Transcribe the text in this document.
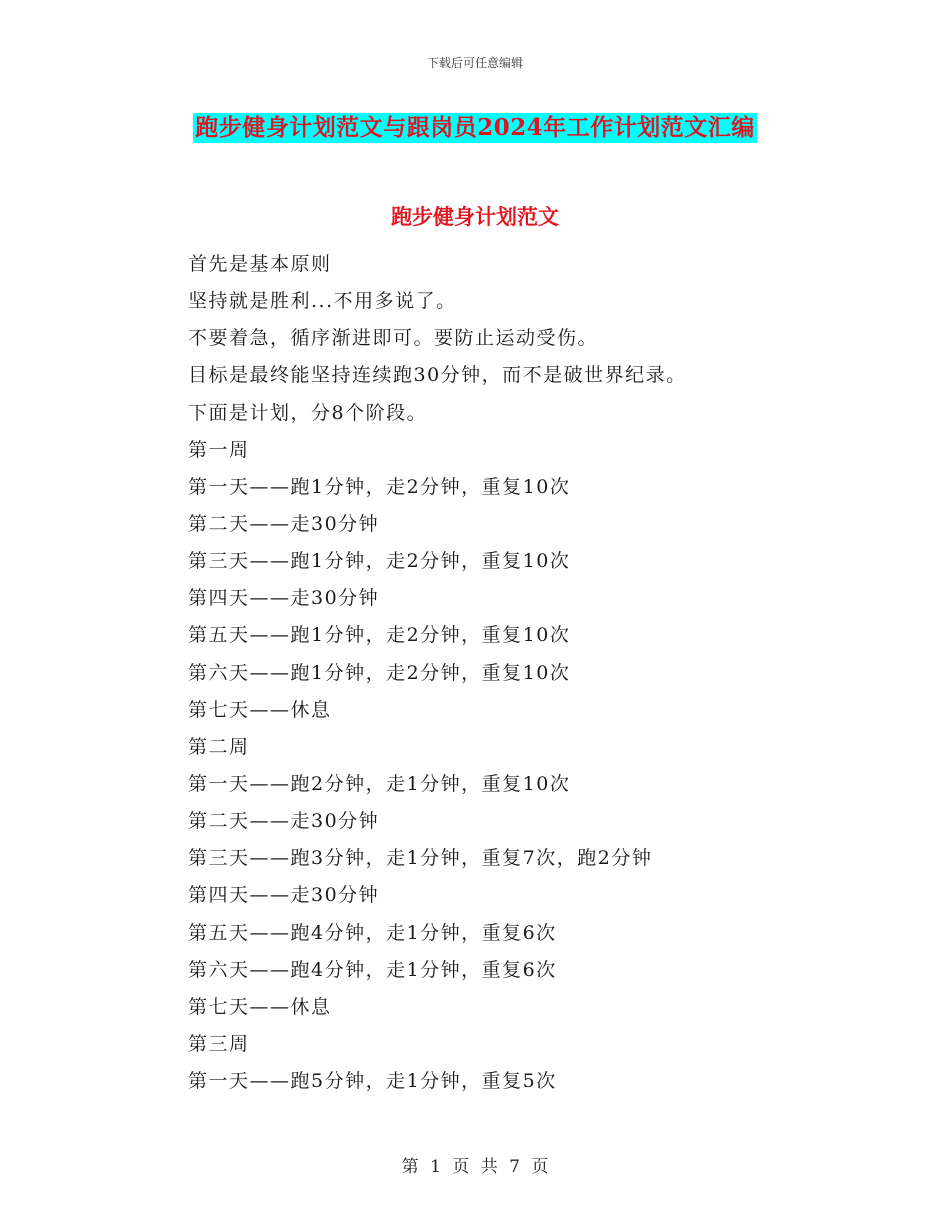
下载后可任意编辑
跑步健身计划范文与跟岗员2024年工作计划范文汇编
跑步健身计划范文
首先是基本原则
坚持就是胜利...不用多说了。
不要着急，循序渐进即可。要防止运动受伤。
目标是最终能坚持连续跑30分钟，而不是破世界纪录。
下面是计划，分8个阶段。
第一周
第一天——跑1分钟，走2分钟，重复10次
第二天——走30分钟
第三天——跑1分钟，走2分钟，重复10次
第四天——走30分钟
第五天——跑1分钟，走2分钟，重复10次
第六天——跑1分钟，走2分钟，重复10次
第七天——休息
第二周
第一天——跑2分钟，走1分钟，重复10次
第二天——走30分钟
第三天——跑3分钟，走1分钟，重复7次，跑2分钟
第四天——走30分钟
第五天——跑4分钟，走1分钟，重复6次
第六天——跑4分钟，走1分钟，重复6次
第七天——休息
第三周
第一天——跑5分钟，走1分钟，重复5次
第 1 页 共 7 页
